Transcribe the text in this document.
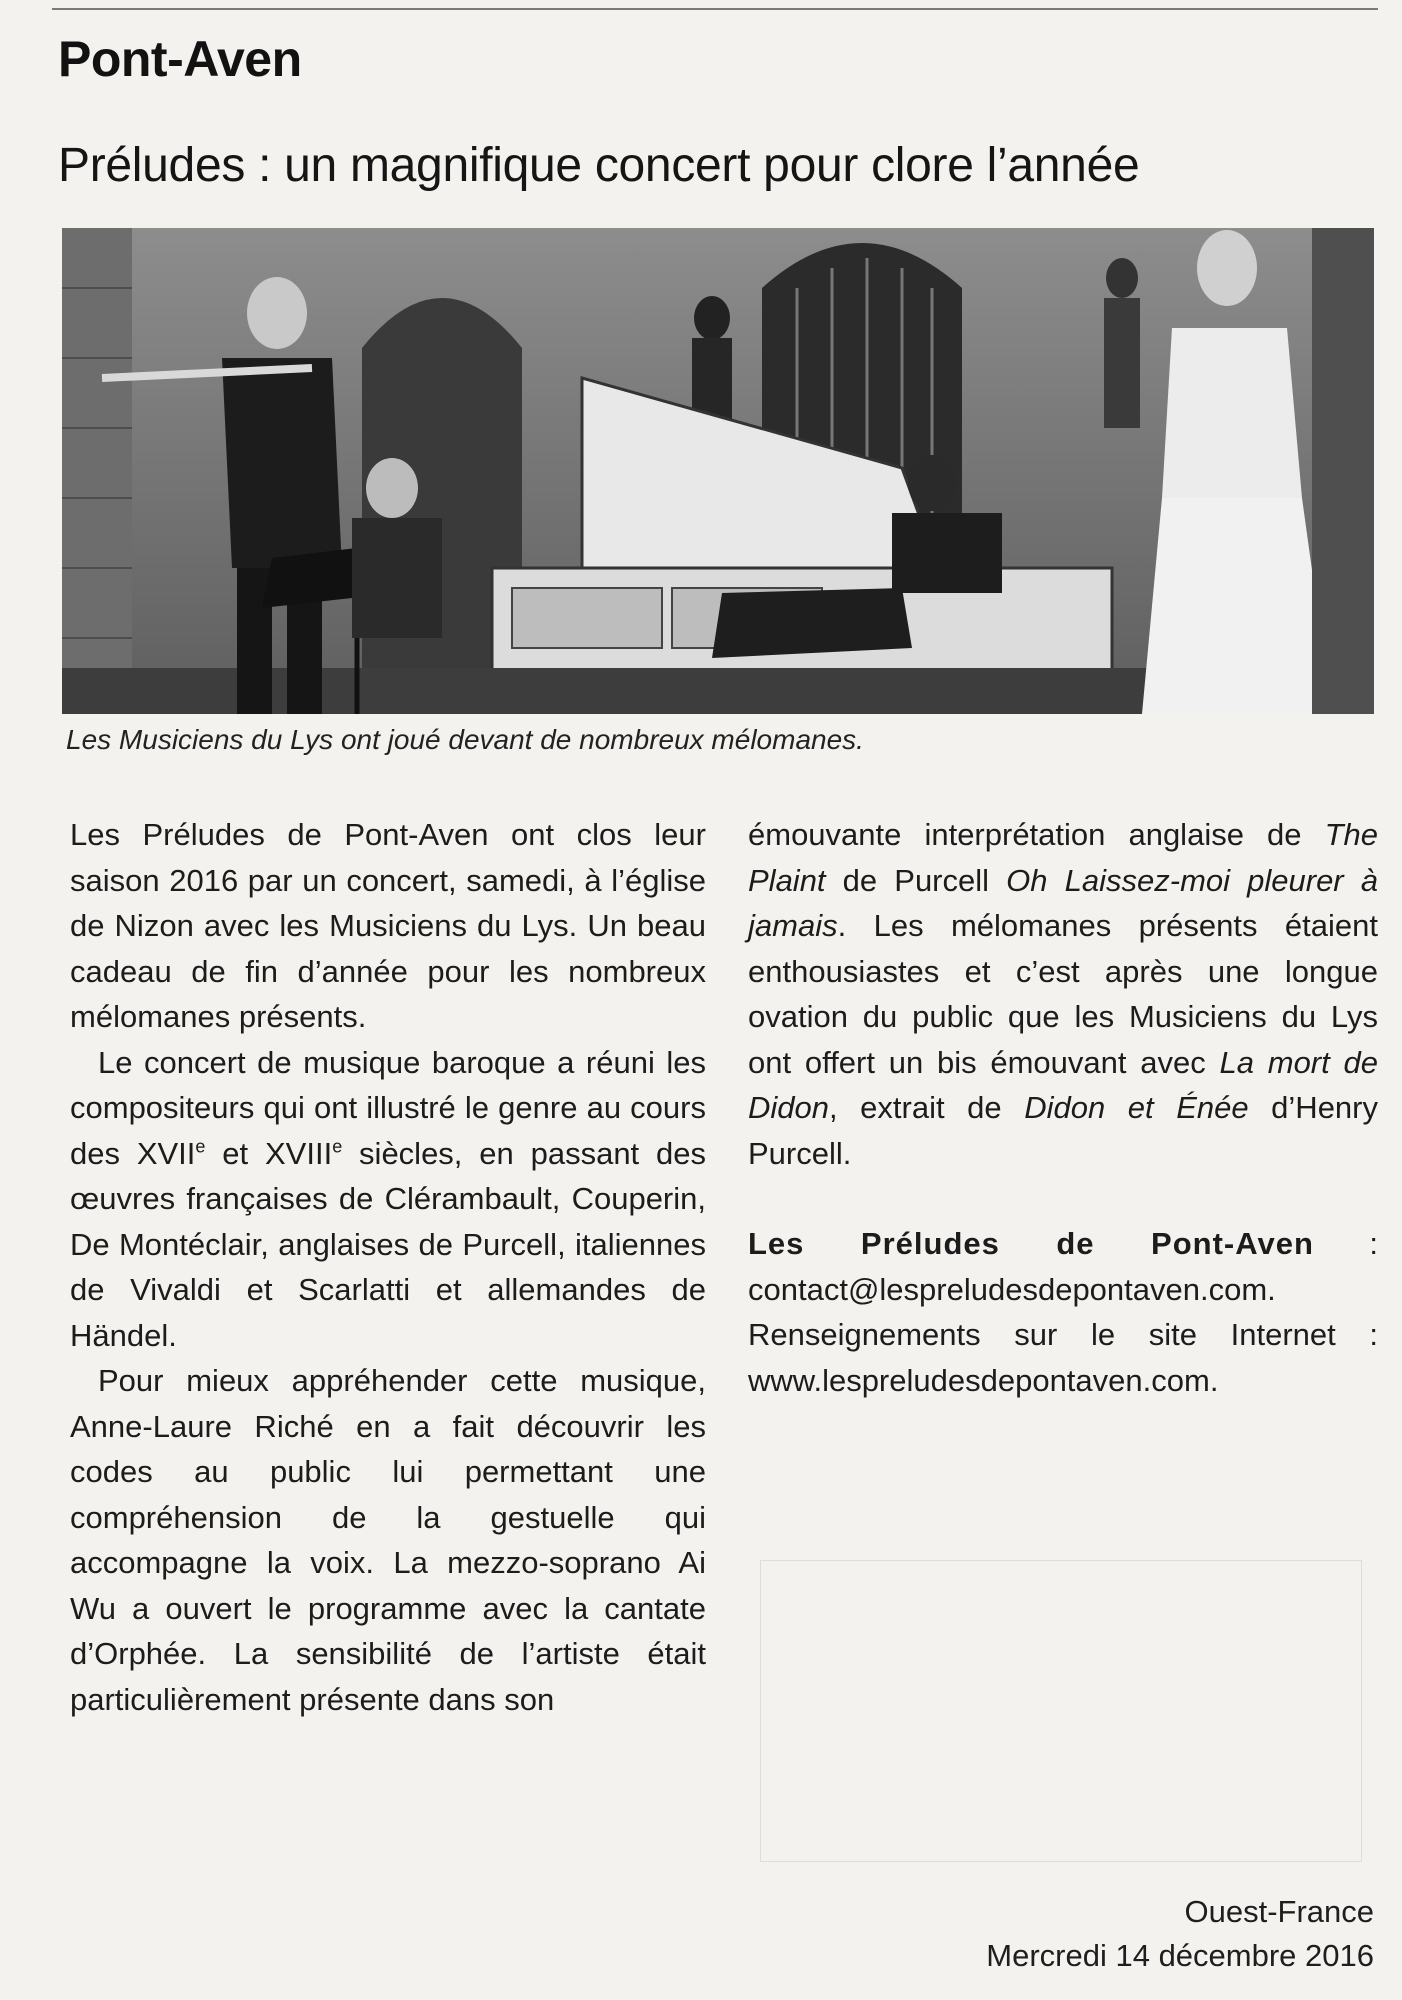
Pont-Aven
Préludes : un magnifique concert pour clore l’année
Les Musiciens du Lys ont joué devant de nombreux mélomanes.

Les Préludes de Pont-Aven ont clos leur saison 2016 par un concert, samedi, à l’église de Nizon avec les Musiciens du Lys. Un beau cadeau de fin d’année pour les nombreux mélomanes présents.

Le concert de musique baroque a réuni les compositeurs qui ont illustré le genre au cours des XVIIe et XVIIIe siècles, en passant des œuvres françaises de Clérambault, Couperin, De Montéclair, anglaises de Purcell, italiennes de Vivaldi et Scarlatti et allemandes de Händel.

Pour mieux appréhender cette musique, Anne-Laure Riché en a fait découvrir les codes au public lui permettant une compréhension de la gestuelle qui accompagne la voix. La mezzo-soprano Ai Wu a ouvert le programme avec la cantate d’Orphée. La sensibilité de l’artiste était particulièrement présente dans son

émouvante interprétation anglaise de The Plaint de Purcell Oh Laissez-moi pleurer à jamais. Les mélomanes présents étaient enthousiastes et c’est après une longue ovation du public que les Musiciens du Lys ont offert un bis émouvant avec La mort de Didon, extrait de Didon et Énée d’Henry Purcell.

Les Préludes de Pont-Aven : contact@lespreludesdepontaven.com. Renseignements sur le site Internet : www.lespreludesdepontaven.com.

Ouest-France
Mercredi 14 décembre 2016
